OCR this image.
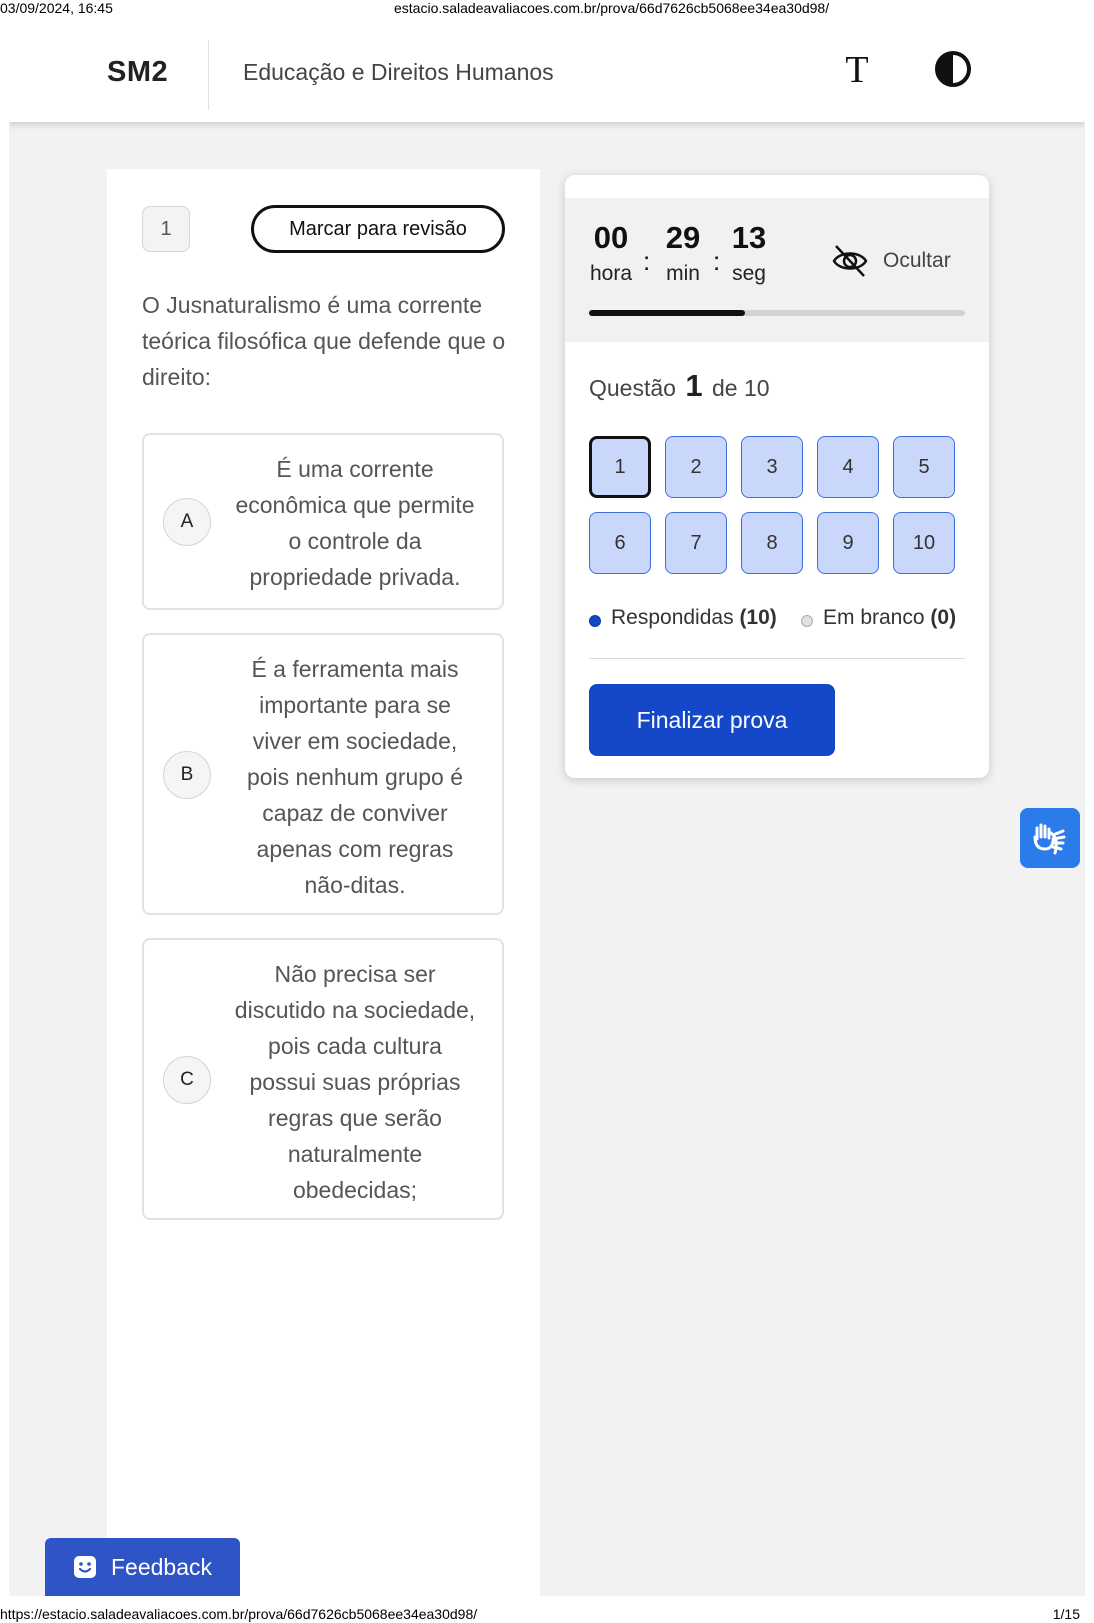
03/09/2024, 16:45	estacio.saladeavaliacoes.com.br/prova/66d7626cb5068ee34ea30d98/
SM2	Educação e Direitos Humanos	T
1	Marcar para revisão
O Jusnaturalismo é uma corrente teórica filosófica que defende que o direito:
A
É uma corrente econômica que permite o controle da propriedade privada.
B
É a ferramenta mais importante para se viver em sociedade, pois nenhum grupo é capaz de conviver apenas com regras não-ditas.
C
Não precisa ser discutido na sociedade, pois cada cultura possui suas próprias regras que serão naturalmente obedecidas;
00
hora :
29
min :
13
seg
Ocultar
Questão 1 de 10
1	2	3	4	5
6	7	8	9	10
Respondidas (10) Em branco (0)
Finalizar prova
Feedback
https://estacio.saladeavaliacoes.com.br/prova/66d7626cb5068ee34ea30d98/	1/15
